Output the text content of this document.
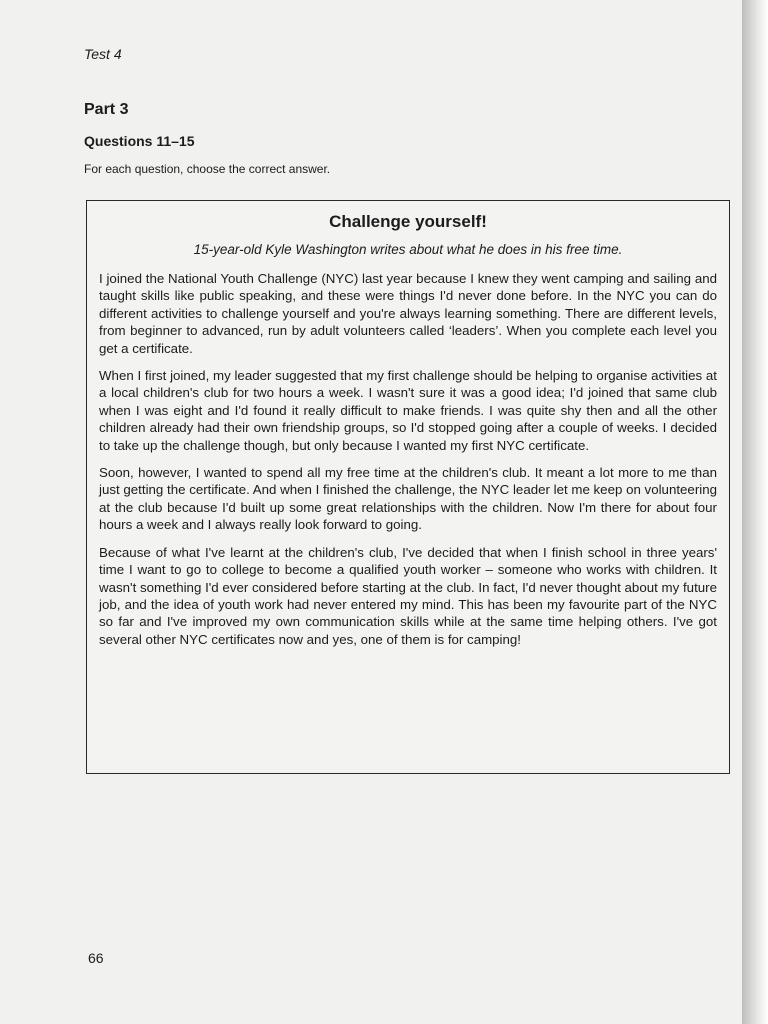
Test 4
Part 3
Questions 11–15
For each question, choose the correct answer.
Challenge yourself!
15-year-old Kyle Washington writes about what he does in his free time.

I joined the National Youth Challenge (NYC) last year because I knew they went camping and sailing and taught skills like public speaking, and these were things I'd never done before. In the NYC you can do different activities to challenge yourself and you're always learning something. There are different levels, from beginner to advanced, run by adult volunteers called ‘leaders’. When you complete each level you get a certificate.

When I first joined, my leader suggested that my first challenge should be helping to organise activities at a local children's club for two hours a week. I wasn't sure it was a good idea; I'd joined that same club when I was eight and I'd found it really difficult to make friends. I was quite shy then and all the other children already had their own friendship groups, so I'd stopped going after a couple of weeks. I decided to take up the challenge though, but only because I wanted my first NYC certificate.

Soon, however, I wanted to spend all my free time at the children's club. It meant a lot more to me than just getting the certificate. And when I finished the challenge, the NYC leader let me keep on volunteering at the club because I'd built up some great relationships with the children. Now I'm there for about four hours a week and I always really look forward to going.

Because of what I've learnt at the children's club, I've decided that when I finish school in three years' time I want to go to college to become a qualified youth worker – someone who works with children. It wasn't something I'd ever considered before starting at the club. In fact, I'd never thought about my future job, and the idea of youth work had never entered my mind. This has been my favourite part of the NYC so far and I've improved my own communication skills while at the same time helping others. I've got several other NYC certificates now and yes, one of them is for camping!

66
